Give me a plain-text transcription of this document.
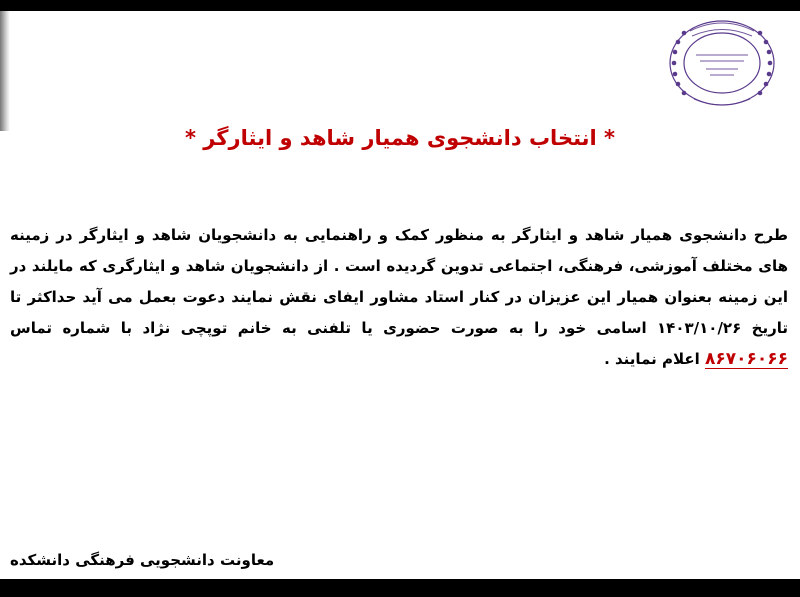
* انتخاب دانشجوی همیار شاهد و ایثارگر *

طرح دانشجوی همیار شاهد و ایثارگر به منظور کمک و راهنمایی به دانشجویان شاهد و ایثارگر در زمینه های مختلف آموزشی، فرهنگی، اجتماعی تدوین گردیده است . از دانشجویان شاهد و ایثارگری که مایلند در این زمینه بعنوان همیار این عزیزان در کنار استاد مشاور ایفای نقش نمایند دعوت بعمل می آید حداکثر تا تاریخ ۱۴۰۳/۱۰/۲۶ اسامی خود را به صورت حضوری یا تلفنی به خانم توپچی نژاد با شماره تماس ۸۶۷۰۶۰۶۶ اعلام نمایند .

معاونت دانشجویی فرهنگی دانشکده
